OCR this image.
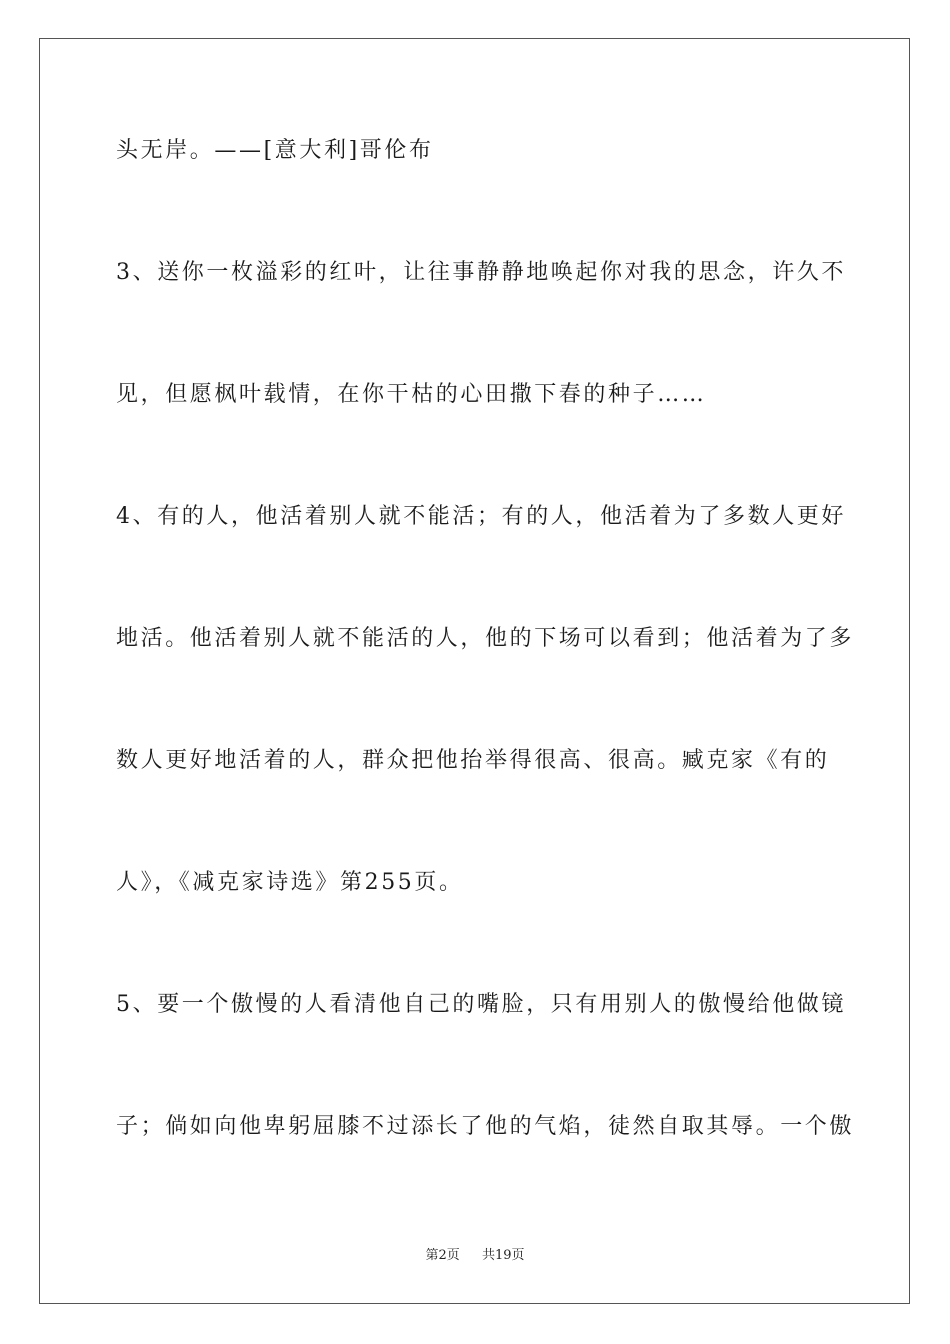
头无岸。——[意大利]哥伦布
3、送你一枚溢彩的红叶，让往事静静地唤起你对我的思念，许久不
见，但愿枫叶载情，在你干枯的心田撒下春的种子……
4、有的人，他活着别人就不能活；有的人，他活着为了多数人更好
地活。他活着别人就不能活的人，他的下场可以看到；他活着为了多
数人更好地活着的人，群众把他抬举得很高、很高。臧克家《有的
人》，《减克家诗选》第255页。
5、要一个傲慢的人看清他自己的嘴脸，只有用别人的傲慢给他做镜
子；倘如向他卑躬屈膝不过添长了他的气焰，徒然自取其辱。一个傲
第2页 共19页
